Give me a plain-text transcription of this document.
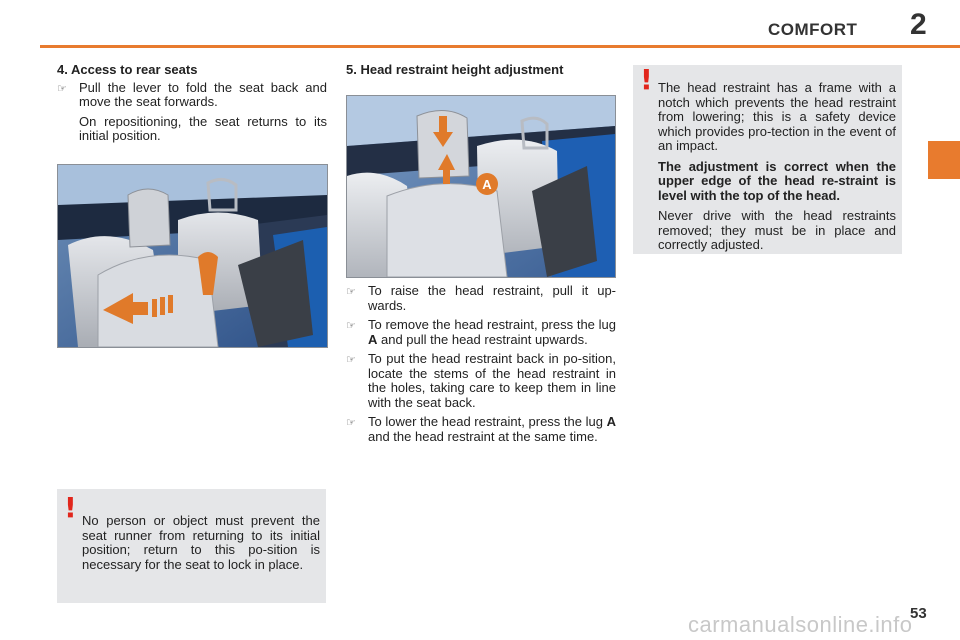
COMFORT 2
4. Access to rear seats
☞ Pull the lever to fold the seat back and move the seat forwards.
On repositioning, the seat returns to its initial position.
! No person or object must prevent the seat runner from returning to its initial position; return to this po-sition is necessary for the seat to lock in place.
5. Head restraint height adjustment
A
☞ To raise the head restraint, pull it up-wards.
☞ To remove the head restraint, press the lug A and pull the head restraint upwards.
☞ To put the head restraint back in po-sition, locate the stems of the head restraint in the holes, taking care to keep them in line with the seat back.
☞ To lower the head restraint, press the lug A and the head restraint at the same time.
! The head restraint has a frame with a notch which prevents the head restraint from lowering; this is a safety device which provides pro-tection in the event of an impact.
The adjustment is correct when the upper edge of the head re-straint is level with the top of the head.
Never drive with the head restraints removed; they must be in place and correctly adjusted.
53
carmanualsonline.info
